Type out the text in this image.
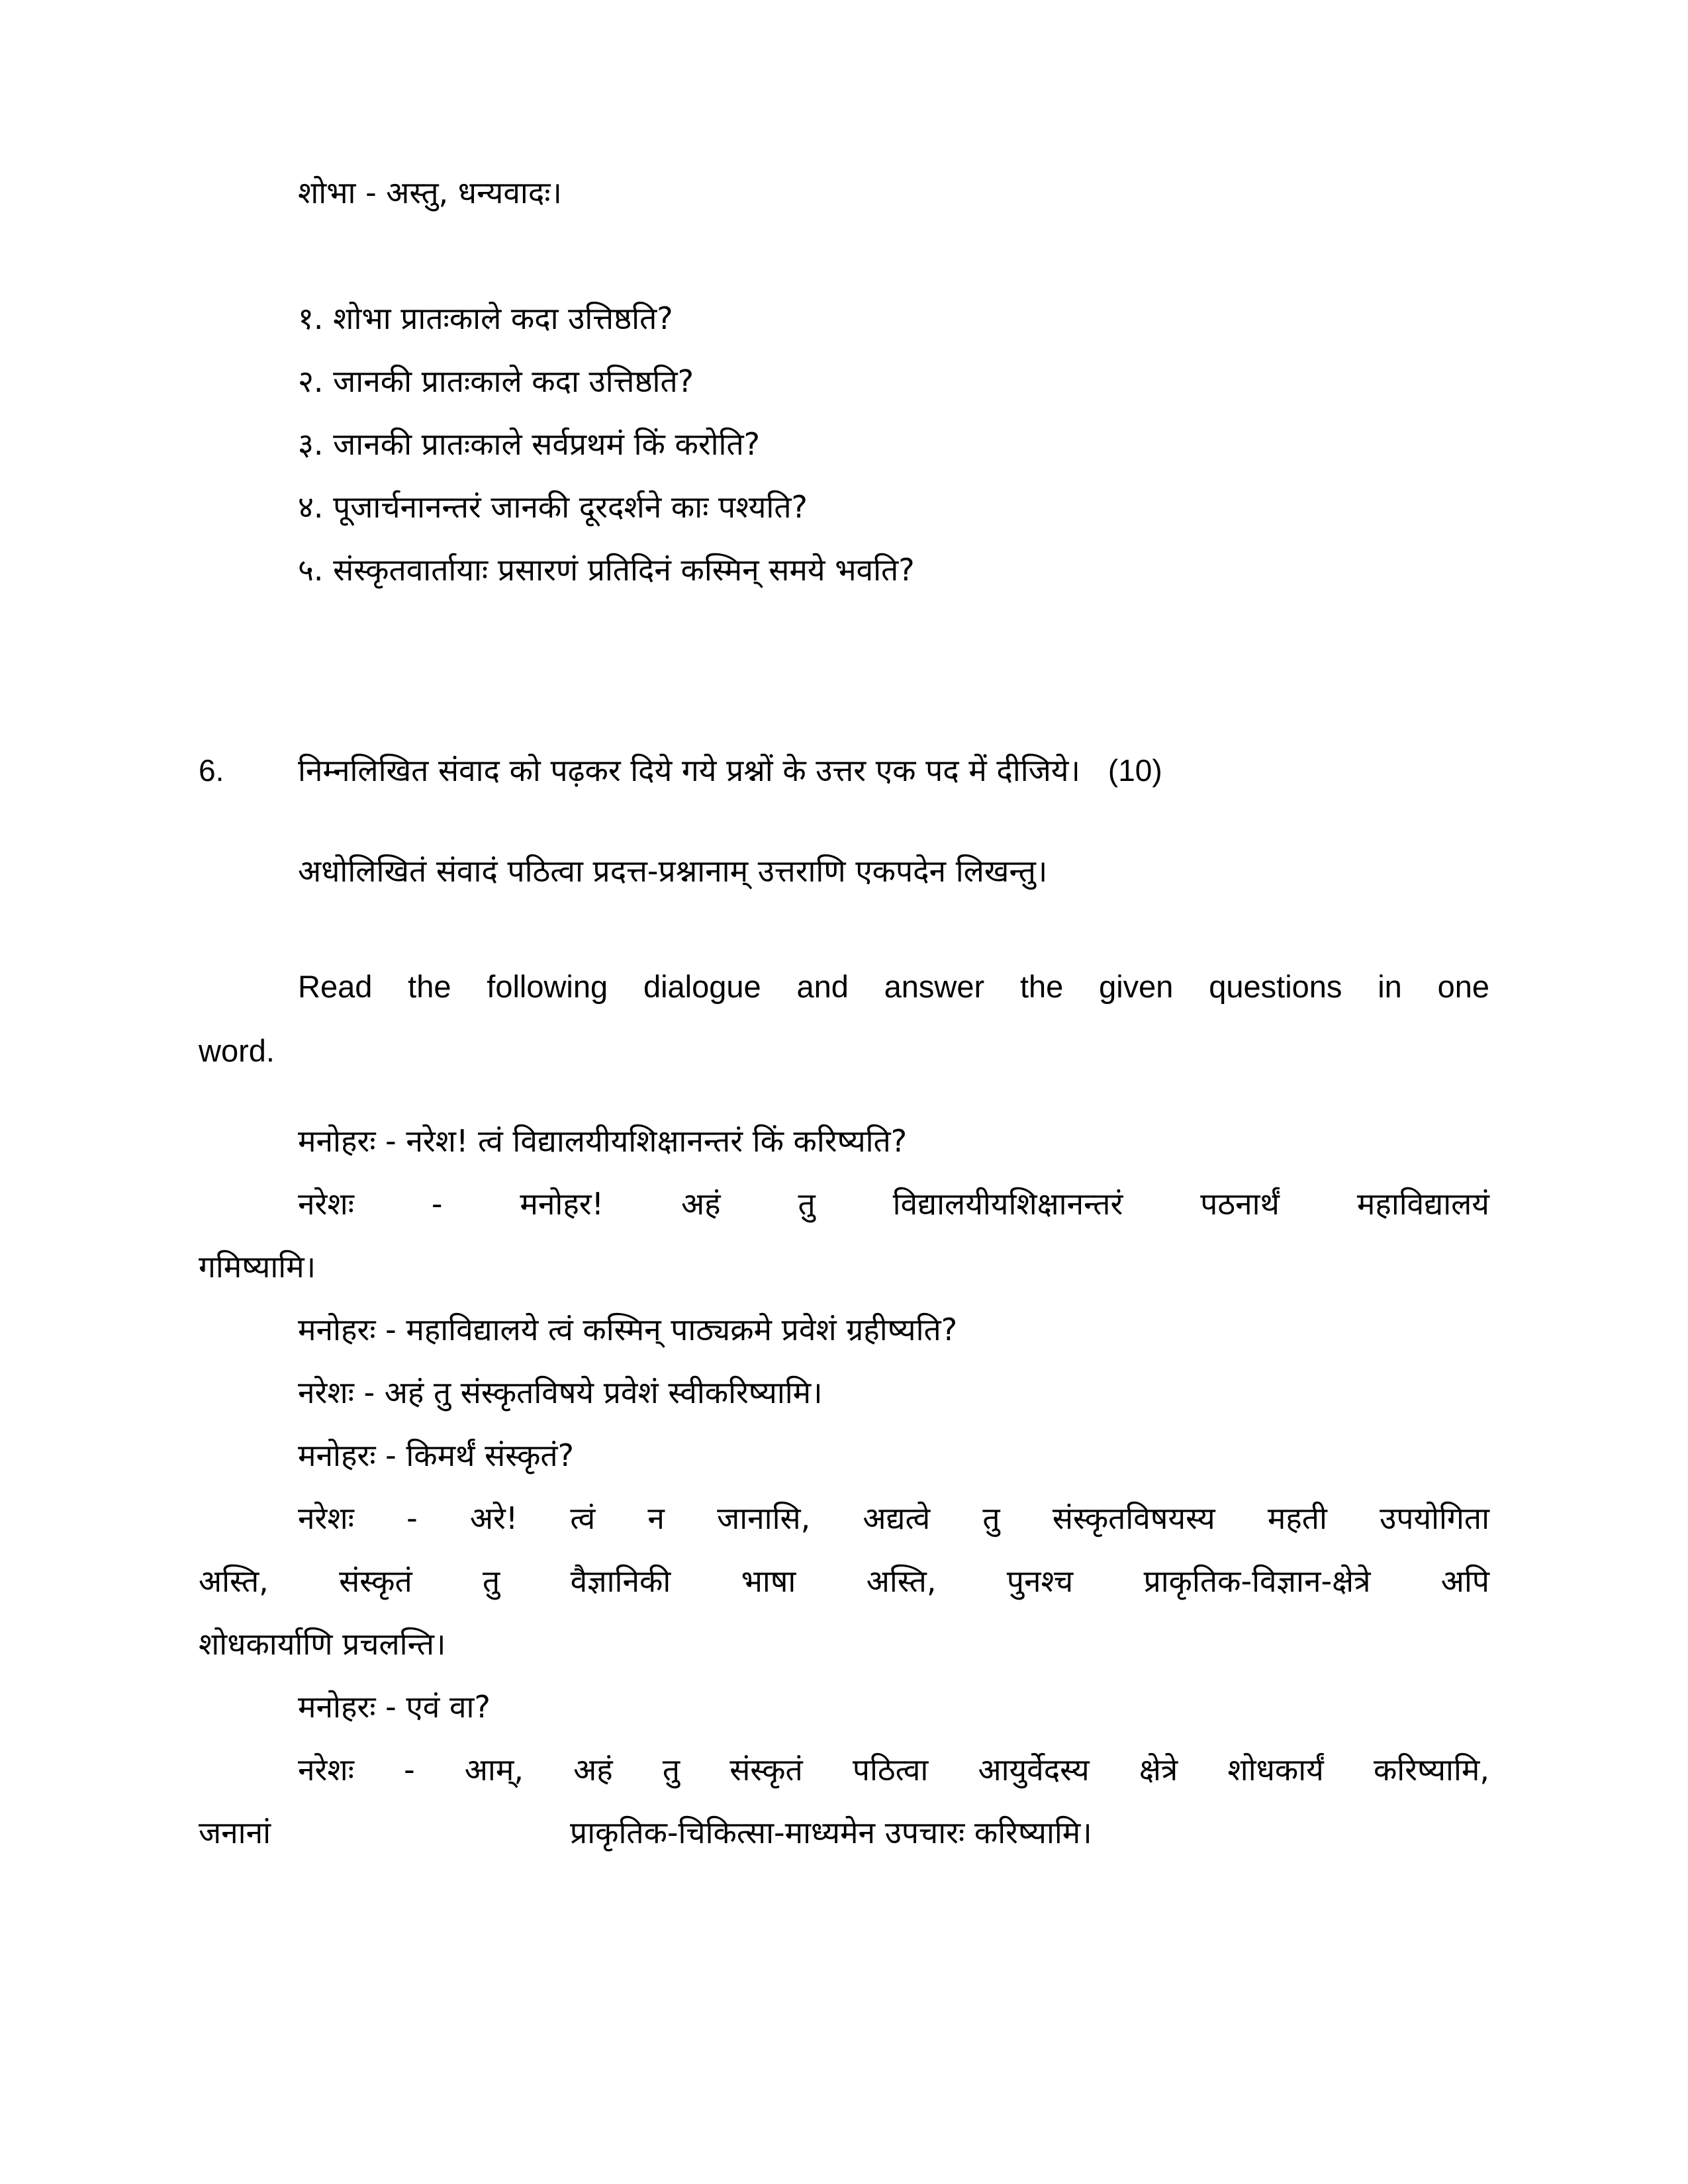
शोभा - अस्तु, धन्यवादः।
१. शोभा प्रातःकाले कदा उत्तिष्ठति?
२. जानकी प्रातःकाले कदा उत्तिष्ठति?
३. जानकी प्रातःकाले सर्वप्रथमं किं करोति?
४. पूजार्चनानन्तरं जानकी दूरदर्शने काः पश्यति?
५. संस्कृतवार्तायाः प्रसारणं प्रतिदिनं कस्मिन् समये भवति?
6. निम्नलिखित संवाद को पढ़कर दिये गये प्रश्नों के उत्तर एक पद में दीजिये। (10)
अधोलिखितं संवादं पठित्वा प्रदत्त-प्रश्नानाम् उत्तराणि एकपदेन लिखन्तु।
Read the following dialogue and answer the given questions in one
word.
मनोहरः - नरेश! त्वं विद्यालयीयशिक्षानन्तरं किं करिष्यति?
नरेशः - मनोहर! अहं तु विद्यालयीयशिक्षानन्तरं पठनार्थं महाविद्यालयं
गमिष्यामि।
मनोहरः - महाविद्यालये त्वं कस्मिन् पाठ्यक्रमे प्रवेशं ग्रहीष्यति?
नरेशः - अहं तु संस्कृतविषये प्रवेशं स्वीकरिष्यामि।
मनोहरः - किमर्थं संस्कृतं?
नरेशः - अरे! त्वं न जानासि, अद्यत्वे तु संस्कृतविषयस्य महती उपयोगिता
अस्ति, संस्कृतं तु वैज्ञानिकी भाषा अस्ति, पुनश्च प्राकृतिक-विज्ञान-क्षेत्रे अपि
शोधकार्याणि प्रचलन्ति।
मनोहरः - एवं वा?
नरेशः - आम्, अहं तु संस्कृतं पठित्वा आयुर्वेदस्य क्षेत्रे शोधकार्यं करिष्यामि,
जनानां	प्राकृतिक-चिकित्सा-माध्यमेन उपचारः करिष्यामि।
